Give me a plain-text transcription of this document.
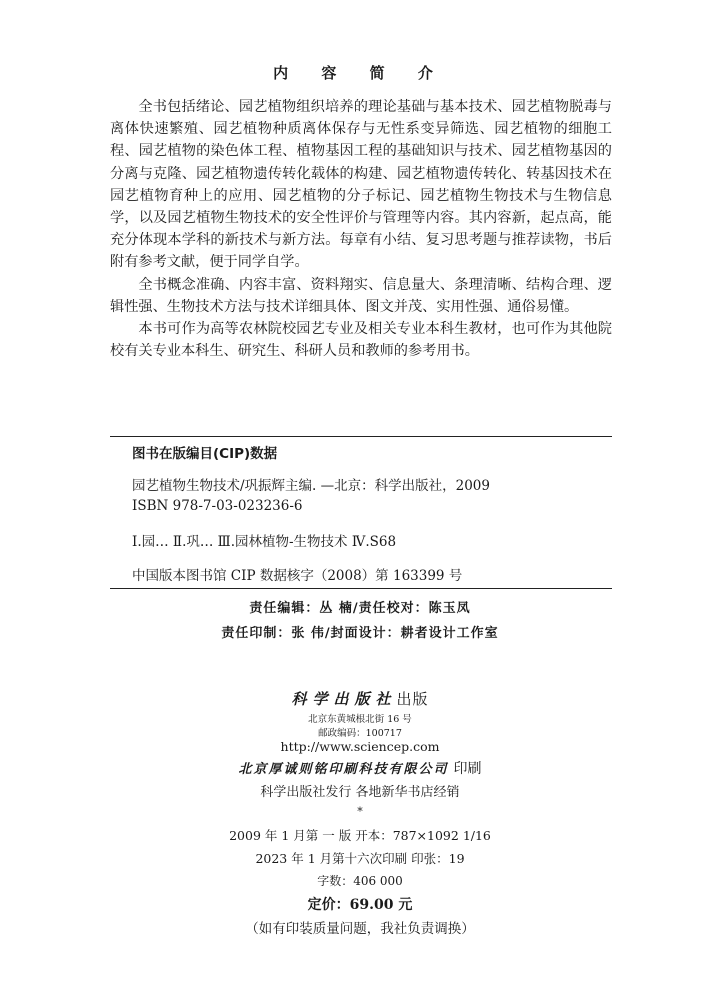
内 容 简 介

全书包括绪论、园艺植物组织培养的理论基础与基本技术、园艺植物脱毒与离体快速繁殖、园艺植物种质离体保存与无性系变异筛选、园艺植物的细胞工程、园艺植物的染色体工程、植物基因工程的基础知识与技术、园艺植物基因的分离与克隆、园艺植物遗传转化载体的构建、园艺植物遗传转化、转基因技术在园艺植物育种上的应用、园艺植物的分子标记、园艺植物生物技术与生物信息学，以及园艺植物生物技术的安全性评价与管理等内容。其内容新，起点高，能充分体现本学科的新技术与新方法。每章有小结、复习思考题与推荐读物，书后附有参考文献，便于同学自学。

全书概念准确、内容丰富、资料翔实、信息量大、条理清晰、结构合理、逻辑性强、生物技术方法与技术详细具体、图文并茂、实用性强、通俗易懂。

本书可作为高等农林院校园艺专业及相关专业本科生教材，也可作为其他院校有关专业本科生、研究生、科研人员和教师的参考用书。

图书在版编目(CIP)数据
园艺植物生物技术/巩振辉主编. —北京：科学出版社，2009
ISBN 978-7-03-023236-6
Ⅰ.园… Ⅱ.巩… Ⅲ.园林植物-生物技术 Ⅳ.S68
中国版本图书馆 CIP 数据核字（2008）第 163399 号
责任编辑：丛 楠/责任校对：陈玉凤
责任印制：张 伟/封面设计：耕者设计工作室
科学出版社出版
北京东黄城根北街 16 号
邮政编码：100717
http://www.sciencep.com
北京厚诚则铭印刷科技有限公司 印刷
科学出版社发行 各地新华书店经销
*
2009 年 1 月第 一 版 开本：787×1092 1/16
2023 年 1 月第十六次印刷 印张：19
字数：406 000
定价：69.00 元
（如有印装质量问题，我社负责调换）
